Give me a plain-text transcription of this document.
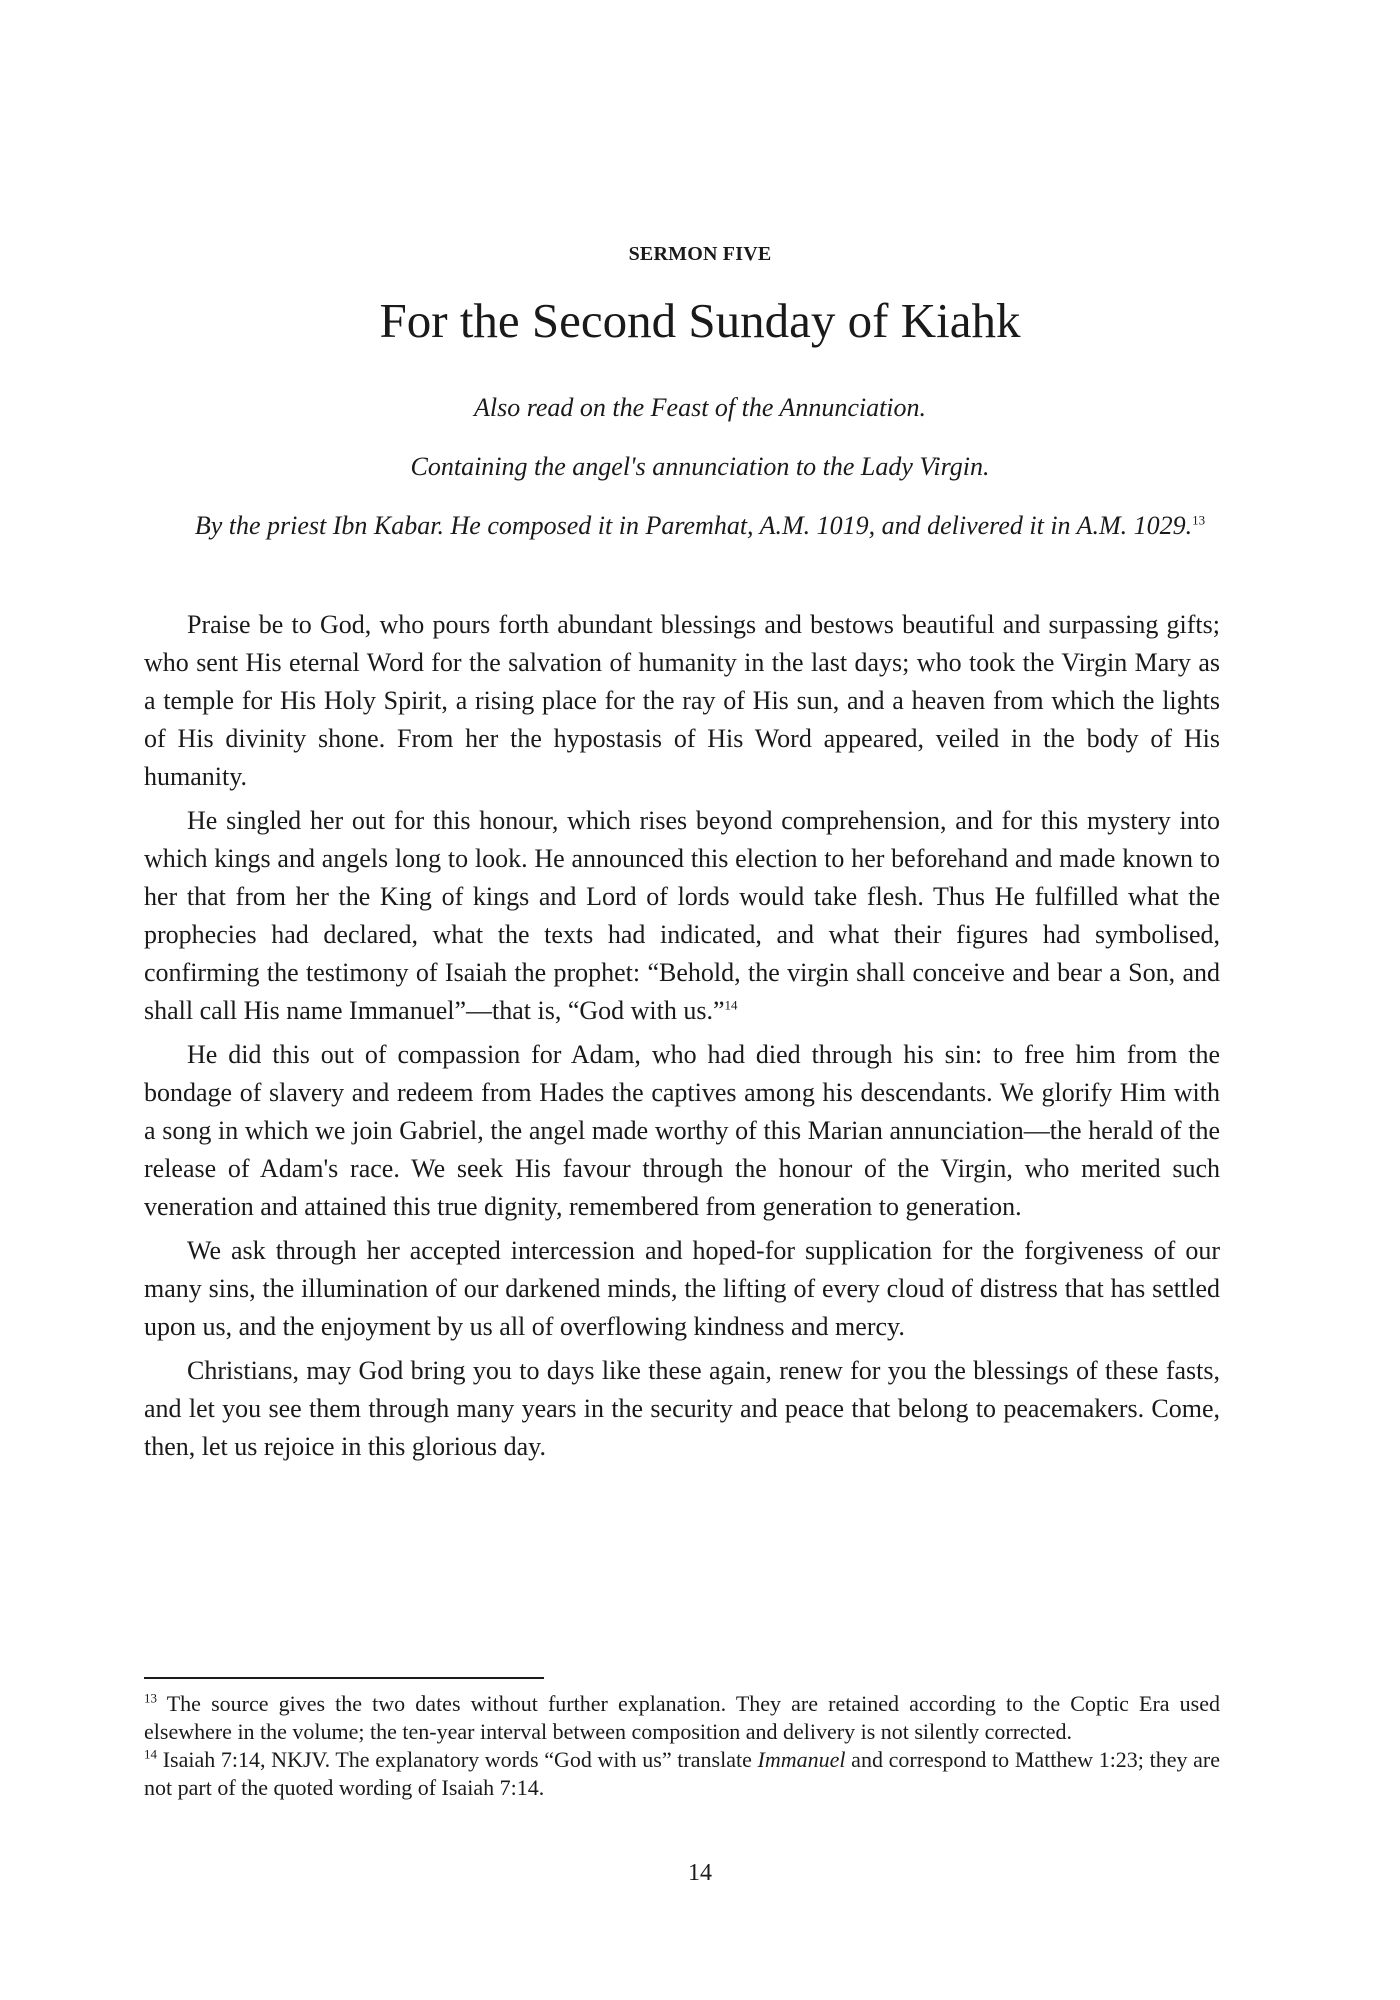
SERMON FIVE
For the Second Sunday of Kiahk

Also read on the Feast of the Annunciation.

Containing the angel's annunciation to the Lady Virgin.

By the priest Ibn Kabar. He composed it in Paremhat, A.M. 1019, and delivered it in A.M. 1029.13

Praise be to God, who pours forth abundant blessings and bestows beautiful and surpassing gifts; who sent His eternal Word for the salvation of humanity in the last days; who took the Virgin Mary as a temple for His Holy Spirit, a rising place for the ray of His sun, and a heaven from which the lights of His divinity shone. From her the hypostasis of His Word appeared, veiled in the body of His humanity.

He singled her out for this honour, which rises beyond comprehension, and for this mystery into which kings and angels long to look. He announced this election to her beforehand and made known to her that from her the King of kings and Lord of lords would take flesh. Thus He fulfilled what the prophecies had declared, what the texts had indicated, and what their figures had symbolised, confirming the testimony of Isaiah the prophet: “Behold, the virgin shall conceive and bear a Son, and shall call His name Immanuel”—that is, “God with us.”$^{14}$

He did this out of compassion for Adam, who had died through his sin: to free him from the bondage of slavery and redeem from Hades the captives among his descendants. We glorify Him with a song in which we join Gabriel, the angel made worthy of this Marian annunciation—the herald of the release of Adam's race. We seek His favour through the honour of the Virgin, who merited such veneration and attained this true dignity, remembered from generation to generation.

We ask through her accepted intercession and hoped-for supplication for the forgiveness of our many sins, the illumination of our darkened minds, the lifting of every cloud of distress that has settled upon us, and the enjoyment by us all of overflowing kindness and mercy.

Christians, may God bring you to days like these again, renew for you the blessings of these fasts, and let you see them through many years in the security and peace that belong to peacemakers. Come, then, let us rejoice in this glorious day.

$^{13}$ The source gives the two dates without further explanation. They are retained according to the Coptic Era used elsewhere in the volume; the ten-year interval between composition and delivery is not silently corrected.

$^{14}$ Isaiah 7:14, NKJV. The explanatory words “God with us” translate Immanuel and correspond to Matthew 1:23; they are not part of the quoted wording of Isaiah 7:14.

14
